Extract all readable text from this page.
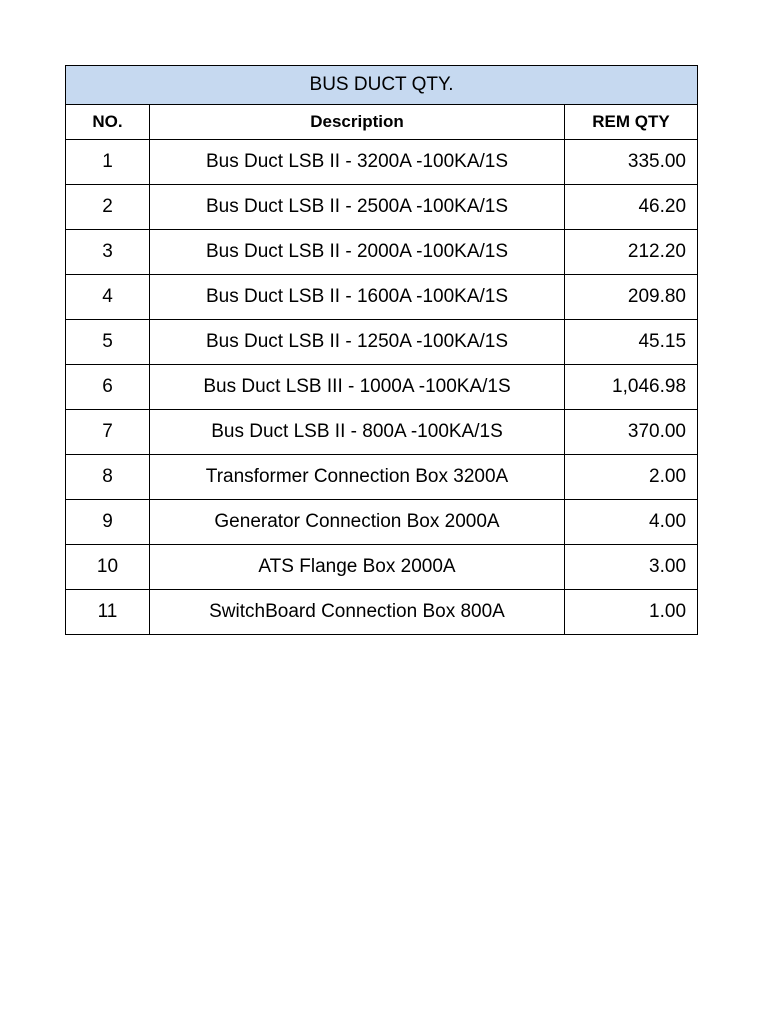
BUS DUCT QTY.		
NO.	Description	REM QTY
1	Bus Duct LSB II - 3200A -100KA/1S	335.00
2	Bus Duct LSB II - 2500A -100KA/1S	46.20
3	Bus Duct LSB II - 2000A -100KA/1S	212.20
4	Bus Duct LSB II - 1600A -100KA/1S	209.80
5	Bus Duct LSB II - 1250A -100KA/1S	45.15
6	Bus Duct LSB III - 1000A -100KA/1S	1,046.98
7	Bus Duct LSB II - 800A -100KA/1S	370.00
8	Transformer Connection Box 3200A	2.00
9	Generator Connection Box 2000A	4.00
10	ATS Flange Box 2000A	3.00
11	SwitchBoard Connection Box 800A	1.00
